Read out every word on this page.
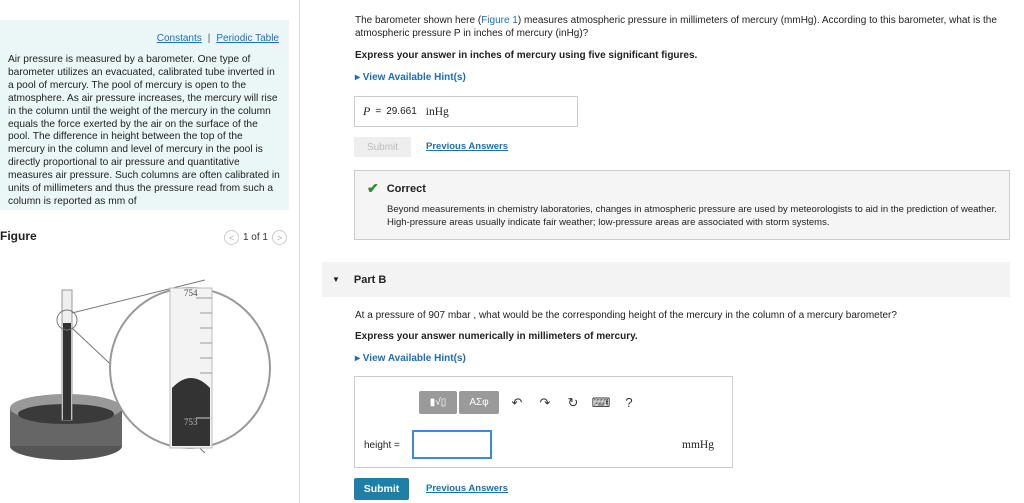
Constants | Periodic Table
Air pressure is measured by a barometer. One type of barometer utilizes an evacuated, calibrated tube inverted in a pool of mercury. The pool of mercury is open to the atmosphere. As air pressure increases, the mercury will rise in the column until the weight of the mercury in the column equals the force exerted by the air on the surface of the pool. The difference in height between the top of the mercury in the column and level of mercury in the pool is directly proportional to air pressure and quantitative measures air pressure. Such columns are often calibrated in units of millimeters and thus the pressure read from such a column is reported as mm of
Figure	< 1 of 1 >
754
753
The barometer shown here (Figure 1) measures atmospheric pressure in millimeters of mercury (mmHg). According to this barometer, what is the atmospheric pressure P in inches of mercury (inHg)?
Express your answer in inches of mercury using five significant figures.
▸ View Available Hint(s)
P = 29.661 inHg
Submit	Previous Answers
✔ Correct
Beyond measurements in chemistry laboratories, changes in atmospheric pressure are used by meteorologists to aid in the prediction of weather. High-pressure areas usually indicate fair weather; low-pressure areas are associated with storm systems.
▼ Part B
At a pressure of 907 mbar , what would be the corresponding height of the mercury in the column of a mercury barometer?
Express your answer numerically in millimeters of mercury.
▸ View Available Hint(s)
▮√▯	ΑΣφ	↶	↷	↻	⌨	?
height =	mmHg
Submit	Previous Answers
